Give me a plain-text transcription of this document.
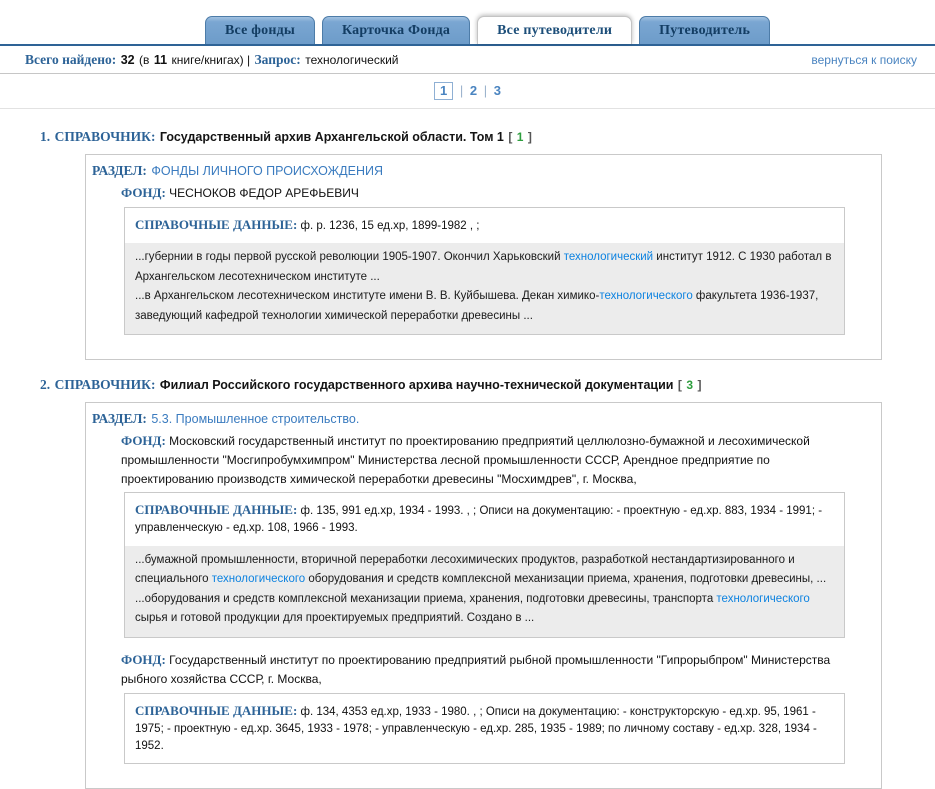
Все фонды	Карточка Фонда	Все путеводители	Путеводитель
Всего найдено: 32 (в 11 книге/книгах) | Запрос: технологический	вернуться к поиску
1 | 2 | 3
1. СПРАВОЧНИК: Государственный архив Архангельской области. Том 1 [ 1 ]
РАЗДЕЛ: ФОНДЫ ЛИЧНОГО ПРОИСХОЖДЕНИЯ
ФОНД: ЧЕСНОКОВ ФЕДОР АРЕФЬЕВИЧ
СПРАВОЧНЫЕ ДАННЫЕ: ф. р. 1236, 15 ед.хр, 1899-1982 , ;

...губернии в годы первой русской революции 1905-1907. Окончил Харьковский технологический институт 1912. С 1930 работал в Архангельском лесотехническом институте ...

...в Архангельском лесотехническом институте имени В. В. Куйбышева. Декан химико-технологического факультета 1936-1937, заведующий кафедрой технологии химической переработки древесины ...

2. СПРАВОЧНИК: Филиал Российского государственного архива научно-технической документации [ 3 ]
РАЗДЕЛ: 5.3. Промышленное строительство.
ФОНД: Московский государственный институт по проектированию предприятий целлюлозно-бумажной и лесохимической промышленности "Мосгипробумхимпром" Министерства лесной промышленности СССР, Арендное предприятие по проектированию производств химической переработки древесины "Мосхимдрев", г. Москва,
СПРАВОЧНЫЕ ДАННЫЕ: ф. 135, 991 ед.хр, 1934 - 1993. , ; Описи на документацию: - проектную - ед.хр. 883, 1934 - 1991; - управленческую - ед.хр. 108, 1966 - 1993.

...бумажной промышленности, вторичной переработки лесохимических продуктов, разработкой нестандартизированного и специального технологического оборудования и средств комплексной механизации приема, хранения, подготовки древесины, ...

...оборудования и средств комплексной механизации приема, хранения, подготовки древесины, транспорта технологического сырья и готовой продукции для проектируемых предприятий. Создано в ...

ФОНД: Государственный институт по проектированию предприятий рыбной промышленности "Гипрорыбпром" Министерства рыбного хозяйства СССР, г. Москва,
СПРАВОЧНЫЕ ДАННЫЕ: ф. 134, 4353 ед.хр, 1933 - 1980. , ; Описи на документацию: - конструкторскую - ед.хр. 95, 1961 - 1975; - проектную - ед.хр. 3645, 1933 - 1978; - управленческую - ед.хр. 285, 1935 - 1989; по личному составу - ед.хр. 328, 1934 - 1952.
